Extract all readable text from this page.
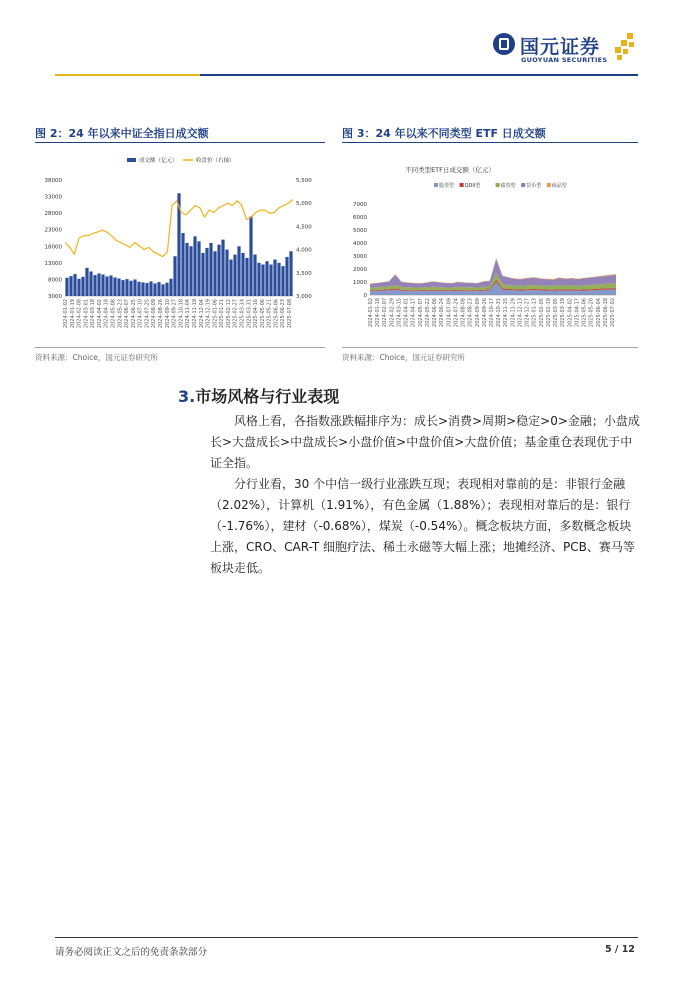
国元证券
GUOYUAN SECURITIES
图 2：24 年以来中证全指日成交额
成交额（亿元）	收盘价（右轴）
38000
33000
28000
23000
18000
13000
8000
3000
5,500
5,000
4,500
4,000
3,500
3,000
2024-01-02 2024-01-19 2024-02-08 2024-03-01 2024-03-18 2024-04-02 2024-04-18 2024-05-08 2024-05-23 2024-06-07 2024-06-25 2024-07-10 2024-07-25 2024-08-09 2024-08-26 2024-09-10 2024-09-27 2024-10-18 2024-11-04 2024-11-19 2024-12-04 2024-12-19 2025-01-06 2025-01-21 2025-02-12 2025-02-27 2025-03-14 2025-03-31 2025-04-16 2025-05-06 2025-05-21 2025-06-06 2025-06-23 2025-07-08
资料来源：Choice，国元证券研究所
图 3：24 年以来不同类型 ETF 日成交额
不同类型ETF日成交额（亿元）
股票型 QDII型	债券型 货币型 商品型
7000
6000
5000
4000
3000
2000
1000
0
2024-01-02 2024-01-18 2024-02-07 2024-02-29 2024-03-15 2024-04-01 2024-04-17 2024-05-07 2024-05-22 2024-06-06 2024-06-24 2024-07-09 2024-07-24 2024-08-08 2024-08-23 2024-09-09 2024-09-26 2024-10-17 2024-10-31 2024-11-15 2024-11-29 2024-12-13 2024-12-27 2025-01-13 2025-02-05 2025-02-19 2025-03-05 2025-03-19 2025-04-02 2025-04-17 2025-05-06 2025-05-20 2025-06-04 2025-06-18 2025-07-02
资料来源：Choice，国元证券研究所
3.市场风格与行业表现

风格上看，各指数涨跌幅排序为：成长>消费>周期>稳定>0>金融；小盘成长>大盘成长>中盘成长>小盘价值>中盘价值>大盘价值；基金重仓表现优于中证全指。

分行业看，30 个中信一级行业涨跌互现；表现相对靠前的是：非银行金融（2.02%），计算机（1.91%），有色金属（1.88%）；表现相对靠后的是：银行（-1.76%），建材（-0.68%），煤炭（-0.54%）。概念板块方面，多数概念板块上涨，CRO、CAR-T 细胞疗法、稀土永磁等大幅上涨；地摊经济、PCB、赛马等板块走低。

请务必阅读正文之后的免责条款部分	5 / 12
